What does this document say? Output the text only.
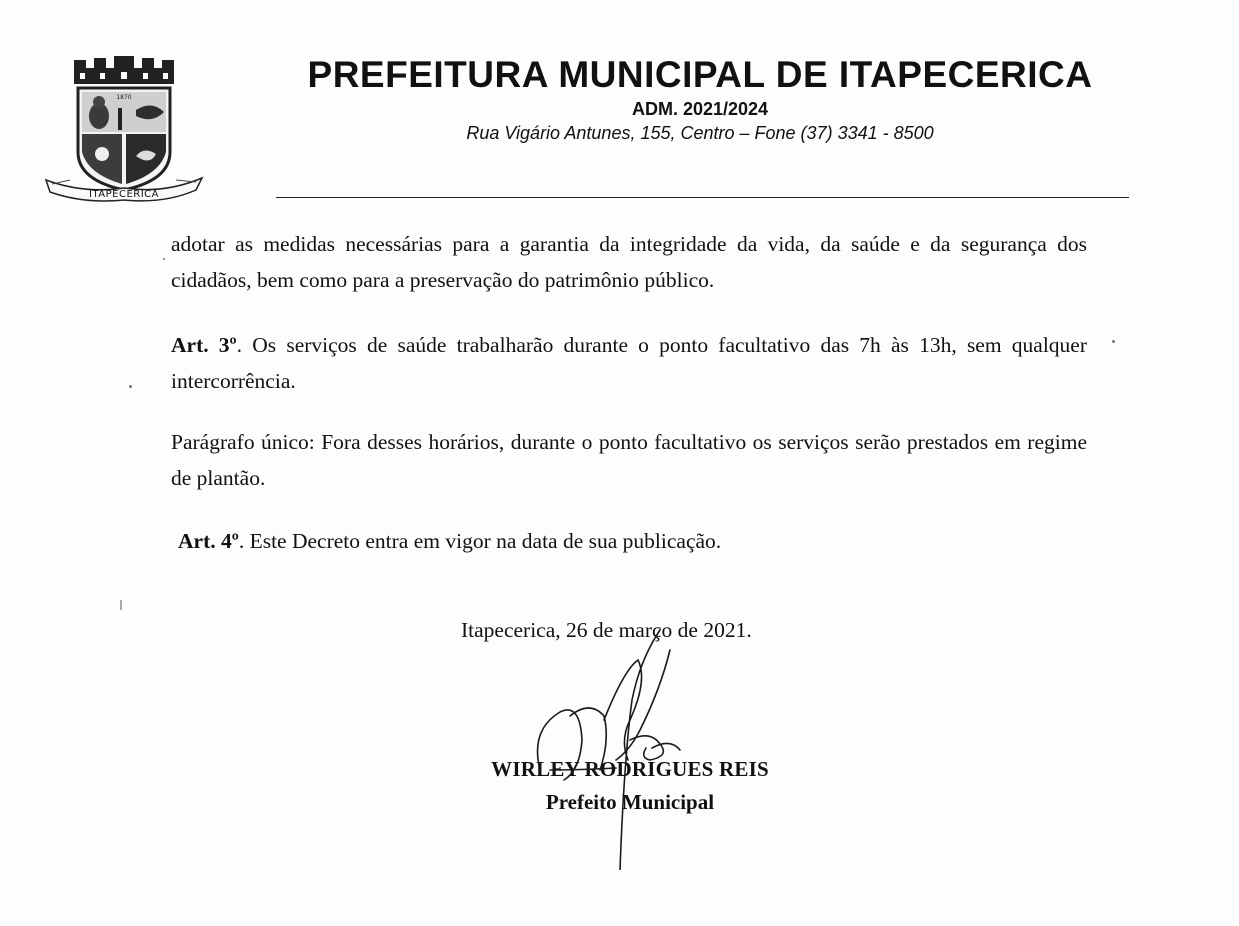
1870
ITAPECERICA
PREFEITURA MUNICIPAL DE ITAPECERICA
ADM. 2021/2024
Rua Vigário Antunes, 155, Centro – Fone (37) 3341 - 8500
adotar as medidas necessárias para a garantia da integridade da vida, da saúde e da segurança dos cidadãos, bem como para a preservação do patrimônio público.
Art. 3º. Os serviços de saúde trabalharão durante o ponto facultativo das 7h às 13h, sem qualquer intercorrência.
Parágrafo único: Fora desses horários, durante o ponto facultativo os serviços serão prestados em regime de plantão.
Art. 4º. Este Decreto entra em vigor na data de sua publicação.
Itapecerica, 26 de março de 2021.
WIRLEY RODRIGUES REIS
Prefeito Municipal
